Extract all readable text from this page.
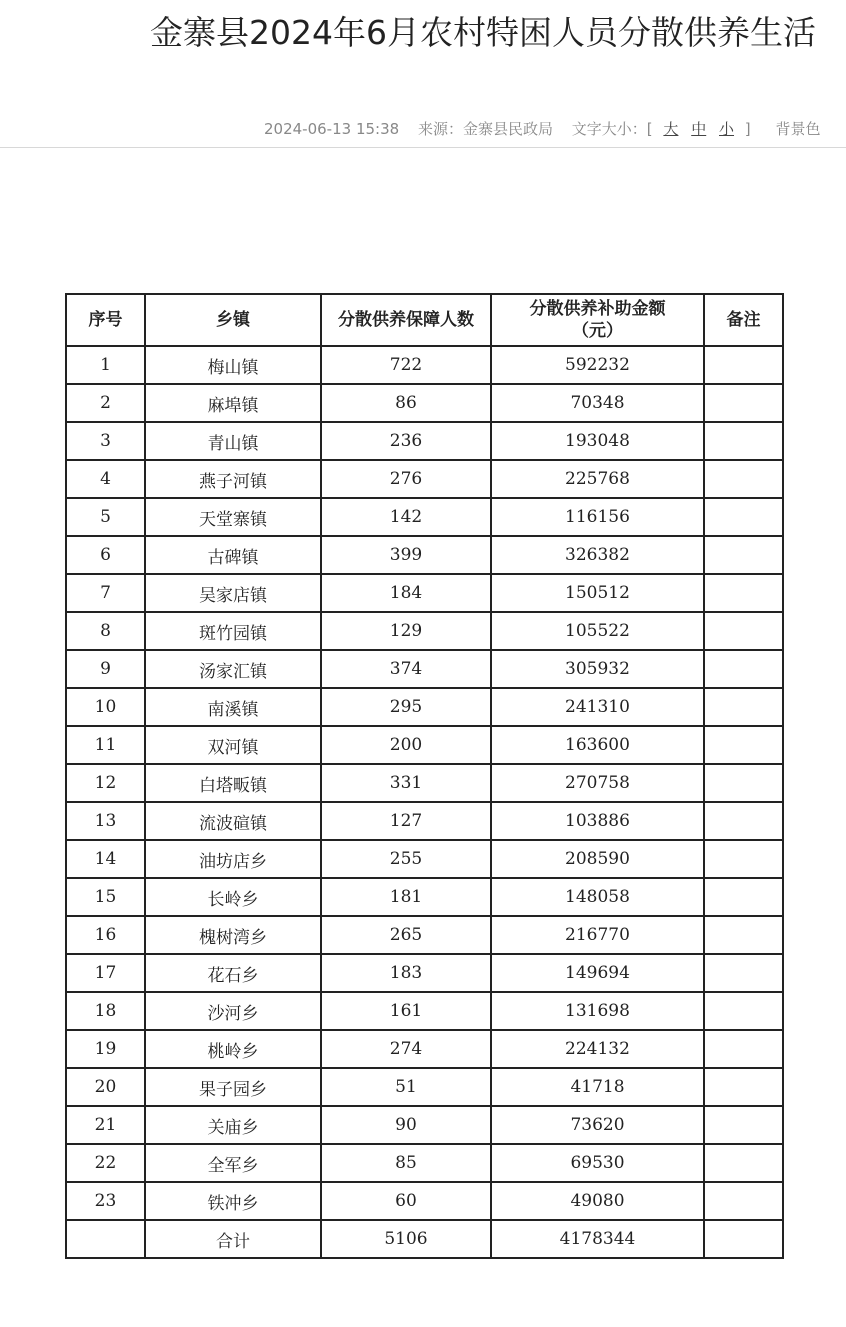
金寨县2024年6月农村特困人员分散供养生活
2024-06-13 15:38 来源：金寨县民政局 文字大小：[ 大 中 小 ] 背景色
序号	乡镇	分散供养保障人数	分散供养补助金额（元）	备注
1	梅山镇	722	592232	
2	麻埠镇	86	70348	
3	青山镇	236	193048	
4	燕子河镇	276	225768	
5	天堂寨镇	142	116156	
6	古碑镇	399	326382	
7	吴家店镇	184	150512	
8	斑竹园镇	129	105522	
9	汤家汇镇	374	305932	
10	南溪镇	295	241310	
11	双河镇	200	163600	
12	白塔畈镇	331	270758	
13	流波碹镇	127	103886	
14	油坊店乡	255	208590	
15	长岭乡	181	148058	
16	槐树湾乡	265	216770	
17	花石乡	183	149694	
18	沙河乡	161	131698	
19	桃岭乡	274	224132	
20	果子园乡	51	41718	
21	关庙乡	90	73620	
22	全军乡	85	69530	
23	铁冲乡	60	49080	
	合计	5106	4178344	
